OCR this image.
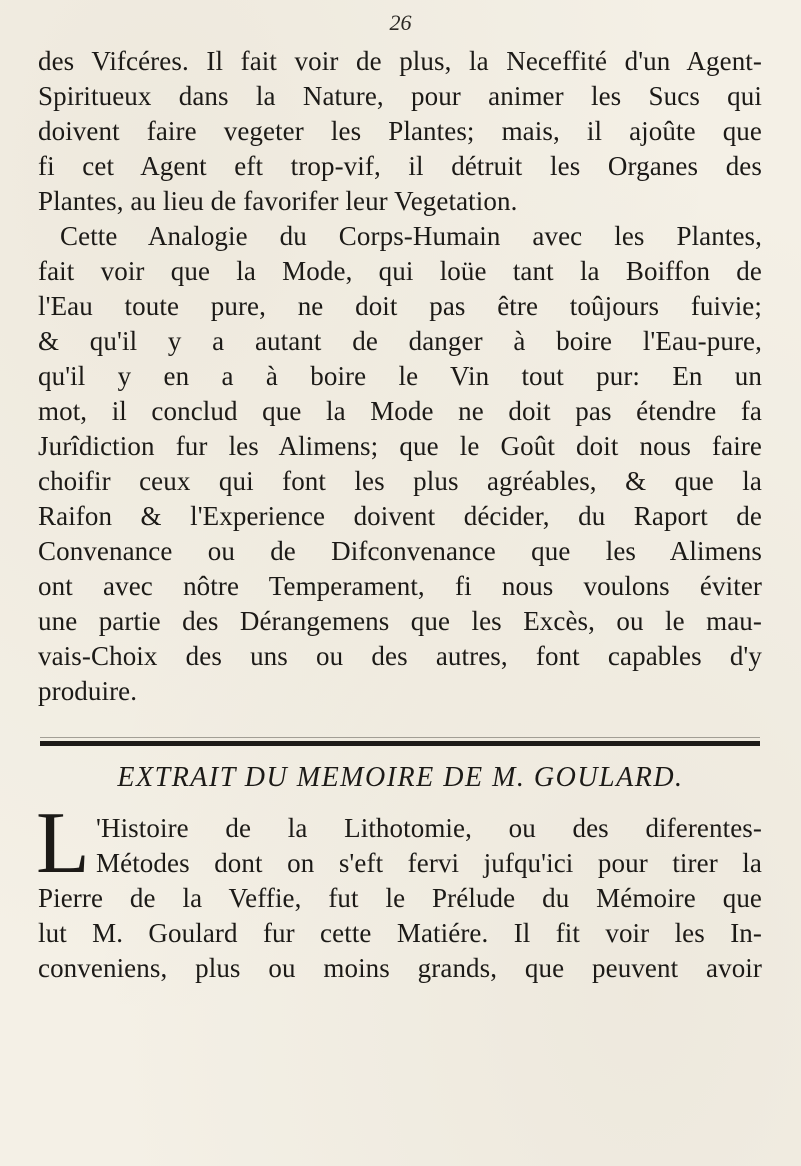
26
des Vifcéres. Il fait voir de plus, la Neceffité d'un Agent-
Spiritueux dans la Nature, pour animer les Sucs qui
doivent faire vegeter les Plantes; mais, il ajoûte que
fi cet Agent eft trop-vif, il détruit les Organes des
Plantes, au lieu de favorifer leur Vegetation.
Cette Analogie du Corps-Humain avec les Plantes,
fait voir que la Mode, qui loüe tant la Boiffon de
l'Eau toute pure, ne doit pas être toûjours fuivie;
& qu'il y a autant de danger à boire l'Eau-pure,
qu'il y en a à boire le Vin tout pur: En un
mot, il conclud que la Mode ne doit pas étendre fa
Jurîdiction fur les Alimens; que le Goût doit nous faire
choifir ceux qui font les plus agréables, & que la
Raifon & l'Experience doivent décider, du Raport de
Convenance ou de Difconvenance que les Alimens
ont avec nôtre Temperament, fi nous voulons éviter
une partie des Dérangemens que les Excès, ou le mau-
vais-Choix des uns ou des autres, font capables d'y
produire.
EXTRAIT DU MEMOIRE DE M. GOULARD.
L 'Histoire de la Lithotomie, ou des diferentes-
Métodes dont on s'eft fervi jufqu'ici pour tirer la
Pierre de la Veffie, fut le Prélude du Mémoire que
lut M. Goulard fur cette Matiére. Il fit voir les In-
conveniens, plus ou moins grands, que peuvent avoir
